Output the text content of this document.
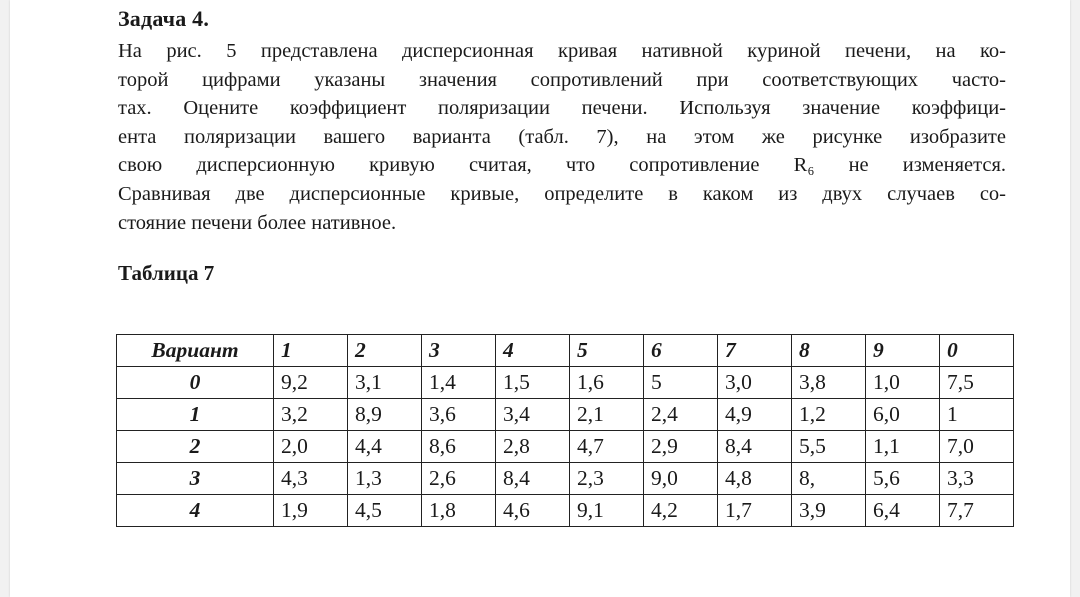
Задача 4.
На рис. 5 представлена дисперсионная кривая нативной куриной печени, на ко-
торой цифрами указаны значения сопротивлений при соответствующих часто-
тах. Оцените коэффициент поляризации печени. Используя значение коэффици-
ента поляризации вашего варианта (табл. 7), на этом же рисунке изобразите
свою дисперсионную кривую считая, что сопротивление R₆ не изменяется.
Сравнивая две дисперсионные кривые, определите в каком из двух случаев со-
стояние печени более нативное.
Таблица 7
Вариант	1	2	3	4	5	6	7	8	9	0
0	9,2	3,1	1,4	1,5	1,6	5	3,0	3,8	1,0	7,5
1	3,2	8,9	3,6	3,4	2,1	2,4	4,9	1,2	6,0	1
2	2,0	4,4	8,6	2,8	4,7	2,9	8,4	5,5	1,1	7,0
3	4,3	1,3	2,6	8,4	2,3	9,0	4,8	8,	5,6	3,3
4	1,9	4,5	1,8	4,6	9,1	4,2	1,7	3,9	6,4	7,7
